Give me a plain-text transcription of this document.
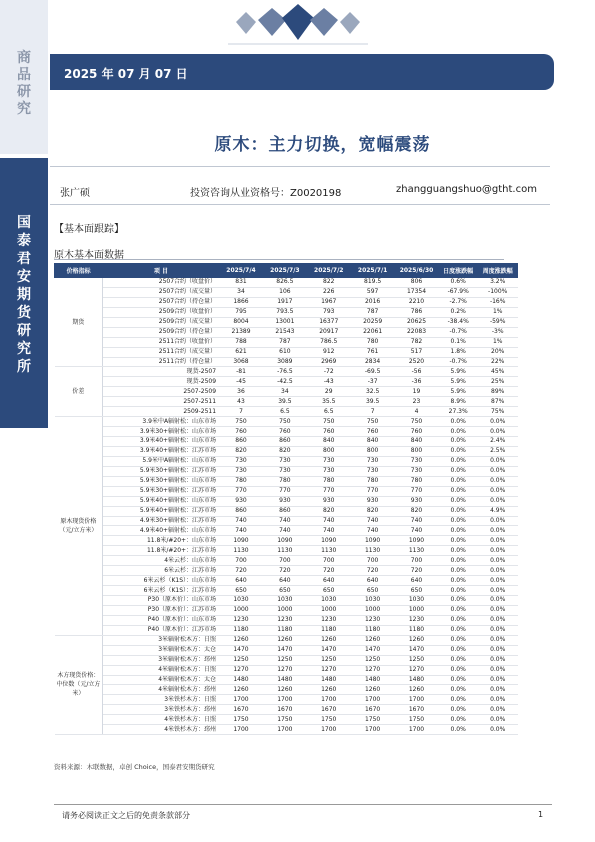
商品研究
国泰君安期货研究所
2025 年 07 月 07 日
原木：主力切换，宽幅震荡
张广硕	投资咨询从业资格号：Z0020198	zhangguangshuo@gtht.com
【基本面跟踪】
原木基本面数据
价格指标	项 目	2025/7/4	2025/7/3	2025/7/2	2025/7/1	2025/6/30	日度涨跌幅	周度涨跌幅
期货	2507合约（收盘价）	831	826.5	822	819.5	806	0.6%	3.2%
	2507合约（成交量）	34	106	226	597	17354	-67.9%	-100%
	2507合约（持仓量）	1866	1917	1967	2016	2210	-2.7%	-16%
	2509合约（收盘价）	795	793.5	793	787	786	0.2%	1%
	2509合约（成交量）	8004	13001	16377	20259	20625	-38.4%	-59%
	2509合约（持仓量）	21389	21543	20917	22061	22083	-0.7%	-3%
	2511合约（收盘价）	788	787	786.5	780	782	0.1%	1%
	2511合约（成交量）	621	610	912	761	517	1.8%	20%
	2511合约（持仓量）	3068	3089	2969	2834	2520	-0.7%	22%
价差	现货-2507	-81	-76.5	-72	-69.5	-56	5.9%	45%
	现货-2509	-45	-42.5	-43	-37	-36	5.9%	25%
	2507-2509	36	34	29	32.5	19	5.9%	89%
	2507-2511	43	39.5	35.5	39.5	23	8.9%	87%
	2509-2511	7	6.5	6.5	7	4	27.3%	75%
原木现货价格（元/立方米）	3.9米中A辐射松：山东市场	750	750	750	750	750	0.0%	0.0%
	3.9米30+辐射松：山东市场	760	760	760	760	760	0.0%	0.0%
	3.9米40+辐射松：山东市场	860	860	840	840	840	0.0%	2.4%
	3.9米40+辐射松：江苏市场	820	820	800	800	800	0.0%	2.5%
	5.9米中A辐射松：山东市场	730	730	730	730	730	0.0%	0.0%
	5.9米30+辐射松：江苏市场	730	730	730	730	730	0.0%	0.0%
	5.9米30+辐射松：山东市场	780	780	780	780	780	0.0%	0.0%
	5.9米30+辐射松：江苏市场	770	770	770	770	770	0.0%	0.0%
	5.9米40+辐射松：山东市场	930	930	930	930	930	0.0%	0.0%
	5.9米40+辐射松：江苏市场	860	860	820	820	820	0.0%	4.9%
	4.9米30+辐射松：江苏市场	740	740	740	740	740	0.0%	0.0%
	4.9米40+辐射松：山东市场	740	740	740	740	740	0.0%	0.0%
	11.8米/#20+：山东市场	1090	1090	1090	1090	1090	0.0%	0.0%
	11.8米/#20+：江苏市场	1130	1130	1130	1130	1130	0.0%	0.0%
	4米云杉：山东市场	700	700	700	700	700	0.0%	0.0%
	6米云杉：江苏市场	720	720	720	720	720	0.0%	0.0%
	6米云杉（K1S）：山东市场	640	640	640	640	640	0.0%	0.0%
	6米云杉（K1S）：江苏市场	650	650	650	650	650	0.0%	0.0%
	P30（原木价）：山东市场	1030	1030	1030	1030	1030	0.0%	0.0%
	P30（原木价）：江苏市场	1000	1000	1000	1000	1000	0.0%	0.0%
	P40（原木价）：山东市场	1230	1230	1230	1230	1230	0.0%	0.0%
	P40（原木价）：江苏市场	1180	1180	1180	1180	1180	0.0%	0.0%
木方现货价格：中位数（元/立方米）	3米辐射松木方：日照	1260	1260	1260	1260	1260	0.0%	0.0%
	3米辐射松木方：太仓	1470	1470	1470	1470	1470	0.0%	0.0%
	3米辐射松木方：邳州	1250	1250	1250	1250	1250	0.0%	0.0%
	4米辐射松木方：日照	1270	1270	1270	1270	1270	0.0%	0.0%
	4米辐射松木方：太仓	1480	1480	1480	1480	1480	0.0%	0.0%
	4米辐射松木方：邳州	1260	1260	1260	1260	1260	0.0%	0.0%
	3米铁杉木方：日照	1700	1700	1700	1700	1700	0.0%	0.0%
	3米铁杉木方：邳州	1670	1670	1670	1670	1670	0.0%	0.0%
	4米铁杉木方：日照	1750	1750	1750	1750	1750	0.0%	0.0%
	4米铁杉木方：邳州	1700	1700	1700	1700	1700	0.0%	0.0%
资料来源：木联数据，卓创 Choice，国泰君安期货研究
请务必阅读正文之后的免责条款部分	1
